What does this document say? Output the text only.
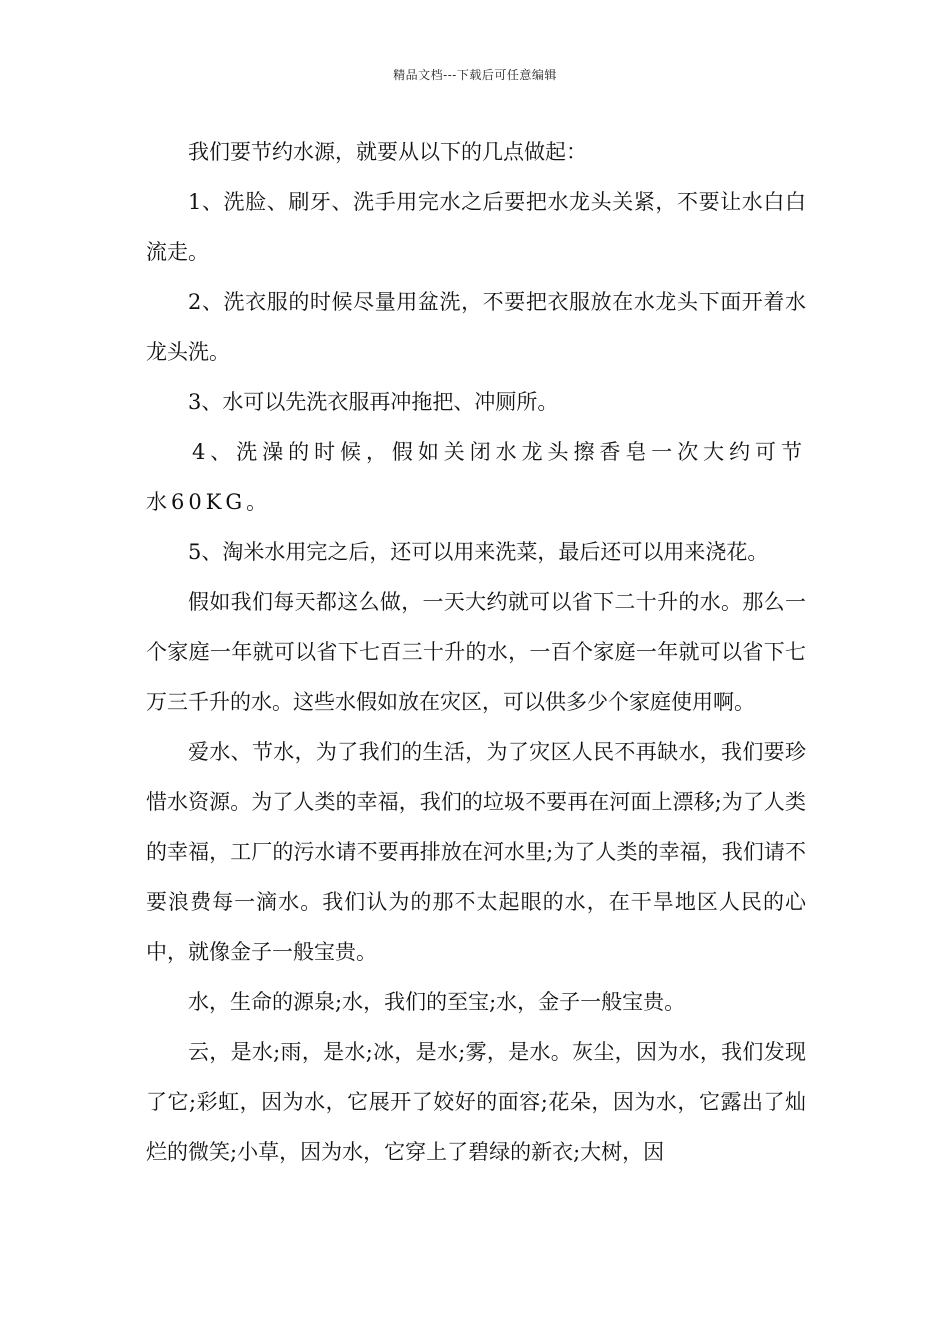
精品文档---下载后可任意编辑

我们要节约水源，就要从以下的几点做起：

1、洗脸、刷牙、洗手用完水之后要把水龙头关紧，不要让水白白流走。

2、洗衣服的时候尽量用盆洗，不要把衣服放在水龙头下面开着水龙头洗。

3、水可以先洗衣服再冲拖把、冲厕所。

4、洗澡的时候，假如关闭水龙头擦香皂一次大约可节水60KG。

5、淘米水用完之后，还可以用来洗菜，最后还可以用来浇花。

假如我们每天都这么做，一天大约就可以省下二十升的水。那么一个家庭一年就可以省下七百三十升的水，一百个家庭一年就可以省下七万三千升的水。这些水假如放在灾区，可以供多少个家庭使用啊。

爱水、节水，为了我们的生活，为了灾区人民不再缺水，我们要珍惜水资源。为了人类的幸福，我们的垃圾不要再在河面上漂移;为了人类的幸福，工厂的污水请不要再排放在河水里;为了人类的幸福，我们请不要浪费每一滴水。我们认为的那不太起眼的水，在干旱地区人民的心中，就像金子一般宝贵。

水，生命的源泉;水，我们的至宝;水，金子一般宝贵。

云，是水;雨，是水;冰，是水;雾，是水。灰尘，因为水，我们发现了它;彩虹，因为水，它展开了姣好的面容;花朵，因为水，它露出了灿烂的微笑;小草，因为水，它穿上了碧绿的新衣;大树，因
